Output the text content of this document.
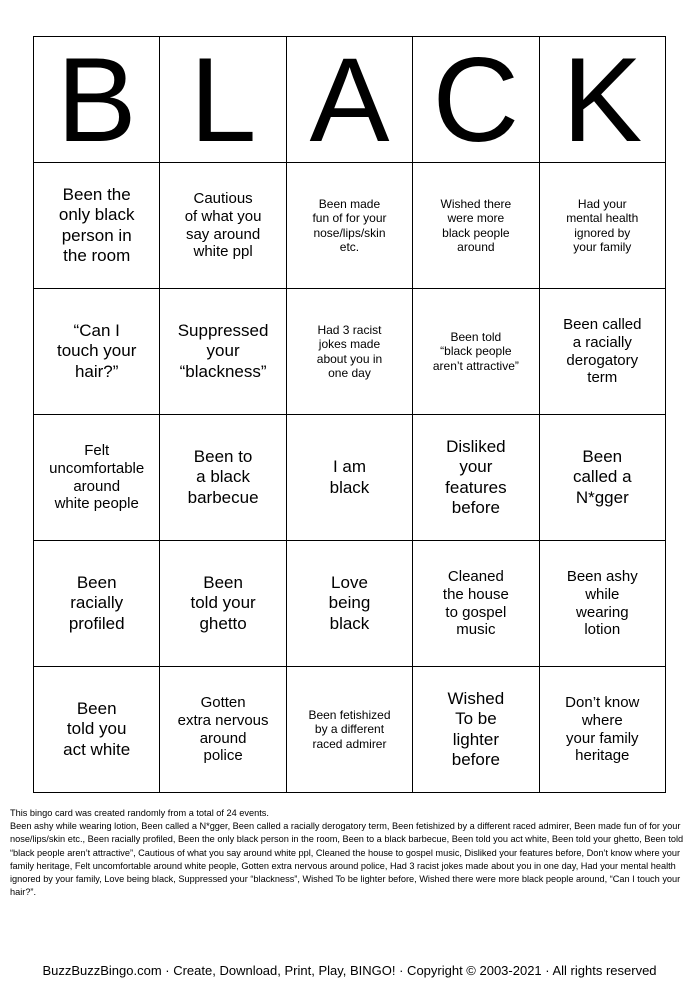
B	L	A	C	K
Been the
only black
person in
the room	Cautious
of what you
say around
white ppl	Been made
fun of for your
nose/lips/skin
etc.	Wished there
were more
black people
around	Had your
mental health
ignored by
your family
“Can I
touch your
hair?”	Suppressed
your
“blackness”	Had 3 racist
jokes made
about you in
one day	Been told
“black people
aren’t attractive”	Been called
a racially
derogatory
term
Felt
uncomfortable
around
white people	Been to
a black
barbecue	I am
black	Disliked
your
features
before	Been
called a
N*gger
Been
racially
profiled	Been
told your
ghetto	Love
being
black	Cleaned
the house
to gospel
music	Been ashy
while
wearing
lotion
Been
told you
act white	Gotten
extra nervous
around
police	Been fetishized
by a different
raced admirer	Wished
To be
lighter
before	Don’t know
where
your family
heritage

This bingo card was created randomly from a total of 24 events.

Been ashy while wearing lotion, Been called a N*gger, Been called a racially derogatory term, Been fetishized by a different raced admirer, Been made fun of for your nose/lips/skin etc., Been racially profiled, Been the only black person in the room, Been to a black barbecue, Been told you act white, Been told your ghetto, Been told “black people aren’t attractive”, Cautious of what you say around white ppl, Cleaned the house to gospel music, Disliked your features before, Don’t know where your family heritage, Felt uncomfortable around white people, Gotten extra nervous around police, Had 3 racist jokes made about you in one day, Had your mental health ignored by your family, Love being black, Suppressed your “blackness”, Wished To be lighter before, Wished there were more black people around, “Can I touch your hair?”.

BuzzBuzzBingo.com · Create, Download, Print, Play, BINGO! · Copyright © 2003-2021 · All rights reserved
